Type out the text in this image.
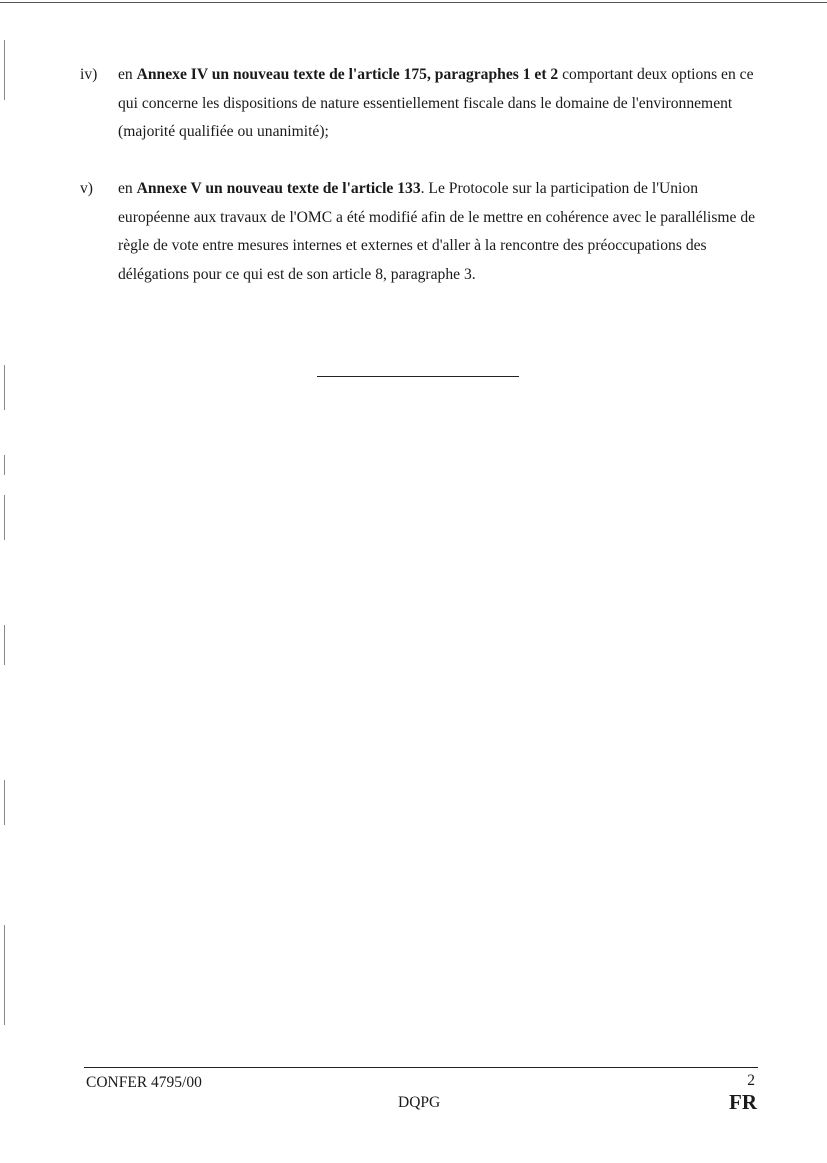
iv)	en Annexe IV un nouveau texte de l'article 175, paragraphes 1 et 2 comportant deux options en ce qui concerne les dispositions de nature essentiellement fiscale dans le domaine de l'environnement (majorité qualifiée ou unanimité);
v)	en Annexe V un nouveau texte de l'article 133. Le Protocole sur la participation de l'Union européenne aux travaux de l'OMC a été modifié afin de le mettre en cohérence avec le parallélisme de règle de vote entre mesures internes et externes et d'aller à la rencontre des préoccupations des délégations pour ce qui est de son article 8, paragraphe 3.
CONFER 4795/00
DQPG
2
FR
